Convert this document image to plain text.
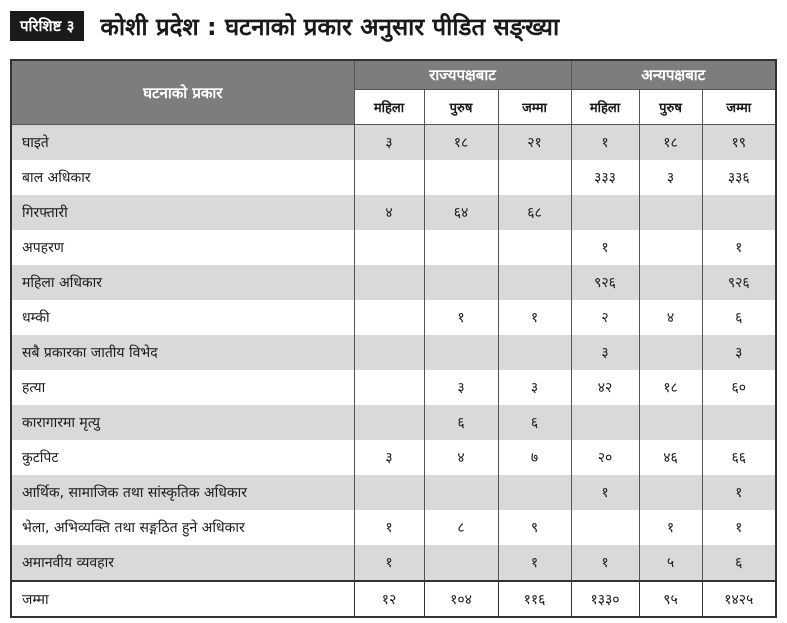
परिशिष्ट ३	कोशी प्रदेश : घटनाको प्रकार अनुसार पीडित सङ्ख्या
घटनाको प्रकार	राज्यपक्षबाट			अन्यपक्षबाट		
	महिला	पुरुष	जम्मा	महिला	पुरुष	जम्मा
घाइते	३	१८	२१	१	१८	१९
बाल अधिकार				३३३	३	३३६
गिरफ्तारी	४	६४	६८			
अपहरण				१		१
महिला अधिकार				९२६		९२६
धम्की		१	१	२	४	६
सबै प्रकारका जातीय विभेद				३		३
हत्या		३	३	४२	१८	६०
कारागारमा मृत्यु		६	६			
कुटपिट	३	४	७	२०	४६	६६
आर्थिक, सामाजिक तथा सांस्कृतिक अधिकार				१		१
भेला, अभिव्यक्ति तथा सङ्गठित हुने अधिकार	१	८	९		१	१
अमानवीय व्यवहार	१		१	१	५	६
जम्मा	१२	१०४	११६	१३३०	९५	१४२५
